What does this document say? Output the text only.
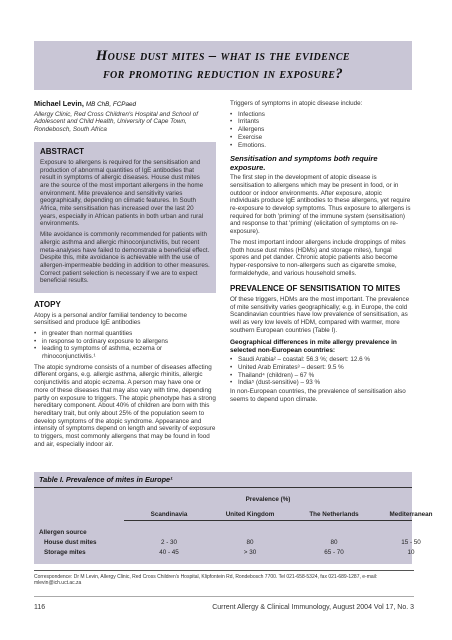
House dust mites – what is the evidence
for promoting reduction in exposure?
Michael Levin, MB ChB, FCPaed
Allergy Clinic, Red Cross Children's Hospital and School of Adolescent and Child Health, University of Cape Town, Rondebosch, South Africa
ABSTRACT

Exposure to allergens is required for the sensitisation and production of abnormal quantities of IgE antibodies that result in symptoms of allergic diseases. House dust mites are the source of the most important allergens in the home environment. Mite prevalence and sensitivity varies geographically, depending on climatic features. In South Africa, mite sensitisation has increased over the last 20 years, especially in African patients in both urban and rural environments.

Mite avoidance is commonly recommended for patients with allergic asthma and allergic rhinoconjunctivitis, but recent meta-analyses have failed to demonstrate a beneficial effect. Despite this, mite avoidance is achievable with the use of allergen-impermeable bedding in addition to other measures. Correct patient selection is necessary if we are to expect beneficial results.

ATOPY

Atopy is a personal and/or familial tendency to become sensitised and produce IgE antibodies

• in greater than normal quantities
• in response to ordinary exposure to allergens
• leading to symptoms of asthma, eczema or rhinoconjunctivitis.¹

The atopic syndrome consists of a number of diseases affecting different organs, e.g. allergic asthma, allergic rhinitis, allergic conjunctivitis and atopic eczema. A person may have one or more of these diseases that may also vary with time, depending partly on exposure to triggers. The atopic phenotype has a strong hereditary component. About 40% of children are born with this hereditary trait, but only about 25% of the population seem to develop symptoms of the atopic syndrome. Appearance and intensity of symptoms depend on length and severity of exposure to triggers, most commonly allergens that may be found in food and air, especially indoor air.

Triggers of symptoms in atopic disease include:

• Infections
• Irritants
• Allergens
• Exercise
• Emotions.
Sensitisation and symptoms both require exposure.

The first step in the development of atopic disease is sensitisation to allergens which may be present in food, or in outdoor or indoor environments. After exposure, atopic individuals produce IgE antibodies to these allergens, yet require re-exposure to develop symptoms. Thus exposure to allergens is required for both 'priming' of the immune system (sensitisation) and response to that 'priming' (elicitation of symptoms on re-exposure).

The most important indoor allergens include droppings of mites (both house dust mites (HDMs) and storage mites), fungal spores and pet dander. Chronic atopic patients also become hyper-responsive to non-allergens such as cigarette smoke, formaldehyde, and various household smells.

PREVALENCE OF SENSITISATION TO MITES

Of these triggers, HDMs are the most important. The prevalence of mite sensitivity varies geographically; e.g. in Europe, the cold Scandinavian countries have low prevalence of sensitisation, as well as very low levels of HDM, compared with warmer, more southern European countries (Table I).

Geographical differences in mite allergy prevalence in selected non-European countries:
• Saudi Arabia² – coastal: 56.3 %; desert: 12.6 %
• United Arab Emirates³ – desert: 9.5 %
• Thailand⁴ (children) – 67 %
• India⁵ (dust-sensitive) – 93 %

In non-European countries, the prevalence of sensitisation also seems to depend upon climate.

Table I. Prevalence of mites in Europe¹
Prevalence (%)
Scandinavia	United Kingdom	The Netherlands	Mediterranean
Allergen source
House dust mites	2 - 30	80	80	15 - 50
Storage mites	40 - 45	> 30	65 - 70	10
Correspondence: Dr M Levin, Allergy Clinic, Red Cross Children's Hospital, Klipfontein Rd, Rondebosch 7700. Tel 021-658-5324, fax 021-689-1287, e-mail: mlevin@ich.uct.ac.za
116	Current Allergy & Clinical Immunology, August 2004 Vol 17, No. 3
